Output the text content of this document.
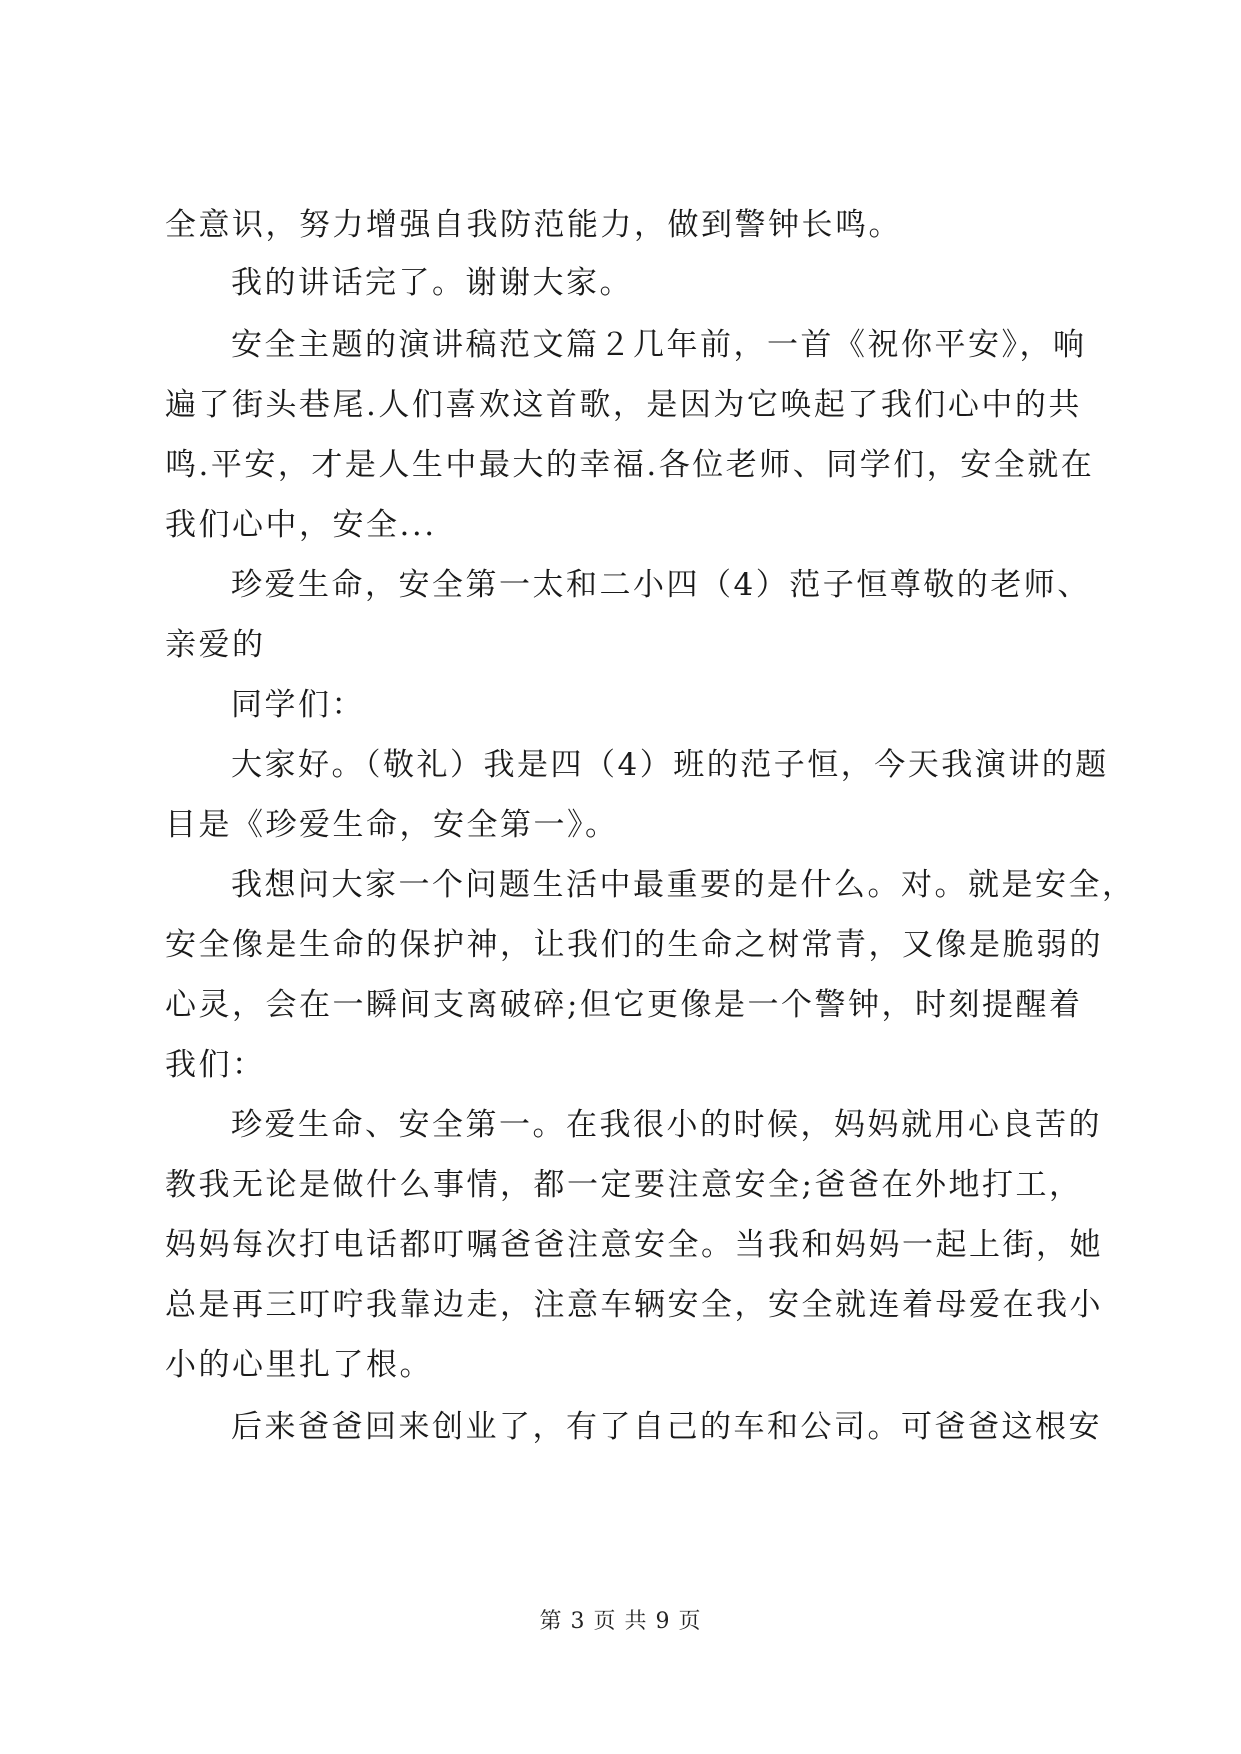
全意识，努力增强自我防范能力，做到警钟长鸣。
我的讲话完了。谢谢大家。
安全主题的演讲稿范文篇２几年前，一首《祝你平安》，响
遍了街头巷尾.人们喜欢这首歌，是因为它唤起了我们心中的共
鸣.平安，才是人生中最大的幸福.各位老师、同学们，安全就在
我们心中，安全...
珍爱生命，安全第一太和二小四（4）范子恒尊敬的老师、
亲爱的
同学们：
大家好。（敬礼）我是四（4）班的范子恒，今天我演讲的题
目是《珍爱生命，安全第一》。
我想问大家一个问题生活中最重要的是什么。对。就是安全，
安全像是生命的保护神，让我们的生命之树常青，又像是脆弱的
心灵，会在一瞬间支离破碎;但它更像是一个警钟，时刻提醒着
我们：
珍爱生命、安全第一。在我很小的时候，妈妈就用心良苦的
教我无论是做什么事情，都一定要注意安全;爸爸在外地打工，
妈妈每次打电话都叮嘱爸爸注意安全。当我和妈妈一起上街，她
总是再三叮咛我靠边走，注意车辆安全，安全就连着母爱在我小
小的心里扎了根。
后来爸爸回来创业了，有了自己的车和公司。可爸爸这根安
第 3 页 共 9 页
